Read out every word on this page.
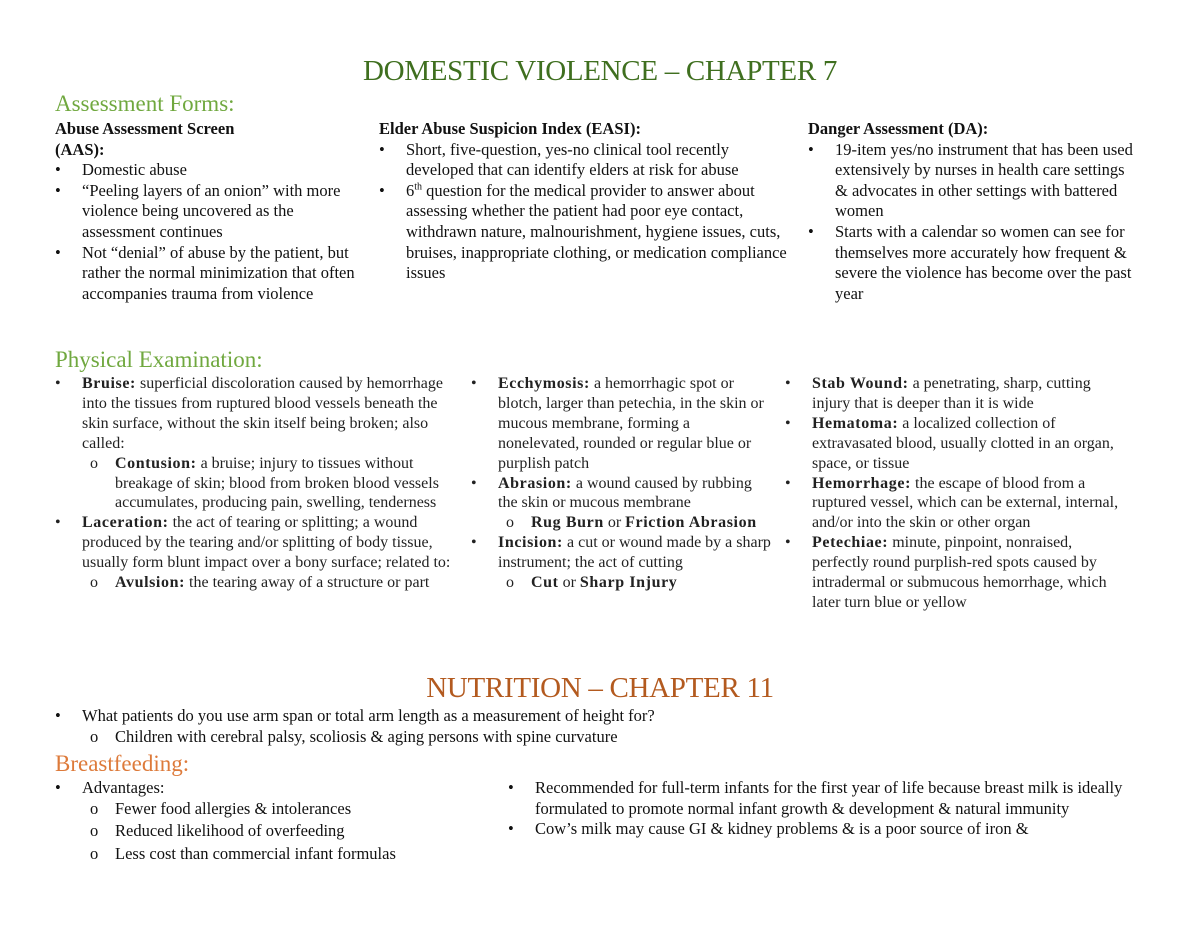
DOMESTIC VIOLENCE – CHAPTER 7
Assessment Forms:
Abuse Assessment Screen
(AAS):
• Domestic abuse
• “Peeling layers of an onion” with more violence being uncovered as the assessment continues
• Not “denial” of abuse by the patient, but rather the normal minimization that often accompanies trauma from violence
Elder Abuse Suspicion Index (EASI):
• Short, five-question, yes-no clinical tool recently developed that can identify elders at risk for abuse
• 6th question for the medical provider to answer about assessing whether the patient had poor eye contact, withdrawn nature, malnourishment, hygiene issues, cuts, bruises, inappropriate clothing, or medication compliance issues
Danger Assessment (DA):
• 19-item yes/no instrument that has been used extensively by nurses in health care settings & advocates in other settings with battered women
• Starts with a calendar so women can see for themselves more accurately how frequent & severe the violence has become over the past year
Physical Examination:
• Bruise: superficial discoloration caused by hemorrhage into the tissues from ruptured blood vessels beneath the skin surface, without the skin itself being broken; also called:
o Contusion: a bruise; injury to tissues without breakage of skin; blood from broken blood vessels accumulates, producing pain, swelling, tenderness
• Laceration: the act of tearing or splitting; a wound produced by the tearing and/or splitting of body tissue, usually form blunt impact over a bony surface; related to:
o Avulsion: the tearing away of a structure or part
• Ecchymosis: a hemorrhagic spot or blotch, larger than petechia, in the skin or mucous membrane, forming a nonelevated, rounded or regular blue or purplish patch
• Abrasion: a wound caused by rubbing the skin or mucous membrane
o Rug Burn or Friction Abrasion
• Incision: a cut or wound made by a sharp instrument; the act of cutting
o Cut or Sharp Injury
• Stab Wound: a penetrating, sharp, cutting injury that is deeper than it is wide
• Hematoma: a localized collection of extravasated blood, usually clotted in an organ, space, or tissue
• Hemorrhage: the escape of blood from a ruptured vessel, which can be external, internal, and/or into the skin or other organ
• Petechiae: minute, pinpoint, nonraised, perfectly round purplish-red spots caused by intradermal or submucous hemorrhage, which later turn blue or yellow
NUTRITION – CHAPTER 11
• What patients do you use arm span or total arm length as a measurement of height for?
o Children with cerebral palsy, scoliosis & aging persons with spine curvature
Breastfeeding:
• Advantages:
o Fewer food allergies & intolerances
o Reduced likelihood of overfeeding
o Less cost than commercial infant formulas
• Recommended for full-term infants for the first year of life because breast milk is ideally formulated to promote normal infant growth & development & natural immunity
• Cow’s milk may cause GI & kidney problems & is a poor source of iron &
